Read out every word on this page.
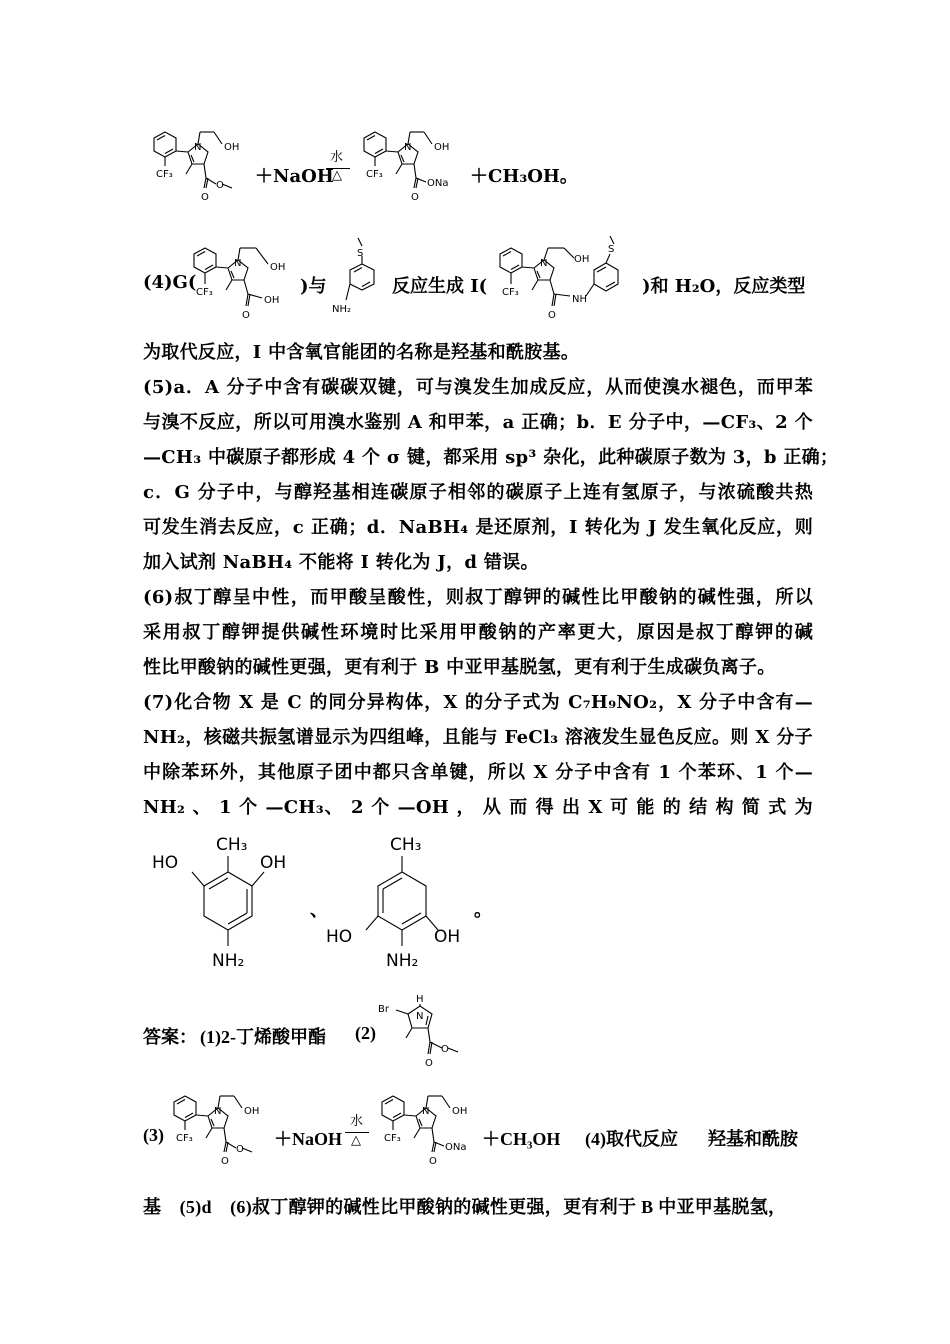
N OH
CF₃
O
O ＋NaOH
水
△
N OH
CF₃
O
ONa ＋CH₃OH。
(4)G(
N	OH
CF₃
O
OH
)与
S
NH₂
反应生成 I(
N	OH
CF₃
O
NH
S
)和 H₂O，反应类型
为取代反应，I 中含氧官能团的名称是羟基和酰胺基。
(5)a．A 分子中含有碳碳双键，可与溴发生加成反应，从而使溴水褪色，而甲苯
与溴不反应，所以可用溴水鉴别 A 和甲苯，a 正确；b．E 分子中，—CF₃、2 个
—CH₃ 中碳原子都形成 4 个 σ 键，都采用 sp³ 杂化，此种碳原子数为 3，b 正确；
c．G 分子中，与醇羟基相连碳原子相邻的碳原子上连有氢原子，与浓硫酸共热
可发生消去反应，c 正确；d．NaBH₄ 是还原剂，I 转化为 J 发生氧化反应，则
加入试剂 NaBH₄ 不能将 I 转化为 J，d 错误。
(6)叔丁醇呈中性，而甲酸呈酸性，则叔丁醇钾的碱性比甲酸钠的碱性强，所以
采用叔丁醇钾提供碱性环境时比采用甲酸钠的产率更大，原因是叔丁醇钾的碱
性比甲酸钠的碱性更强，更有利于 B 中亚甲基脱氢，更有利于生成碳负离子。
(7)化合物 X 是 C 的同分异构体，X 的分子式为 C₇H₉NO₂，X 分子中含有—
NH₂，核磁共振氢谱显示为四组峰，且能与 FeCl₃ 溶液发生显色反应。则 X 分子
中除苯环外，其他原子团中都只含单键，所以 X 分子中含有 1 个苯环、1 个—
NH₂ 、 1 个 —CH₃、 2 个 —OH ， 从 而 得 出 X 可 能 的 结 构 简 式 为
CH₃
HO	OH
NH₂
、
CH₃
HO	OH
NH₂
。
答案： (1)2-丁烯酸甲酯 (2)
H
N
Br
O
O
(3)
N OH
CF₃
O
O
＋NaOH
水
△
N OH
CF₃
O
ONa ＋CH₃OH (4)取代反应 羟基和酰胺
基　(5)d　(6)叔丁醇钾的碱性比甲酸钠的碱性更强，更有利于 B 中亚甲基脱氢，
